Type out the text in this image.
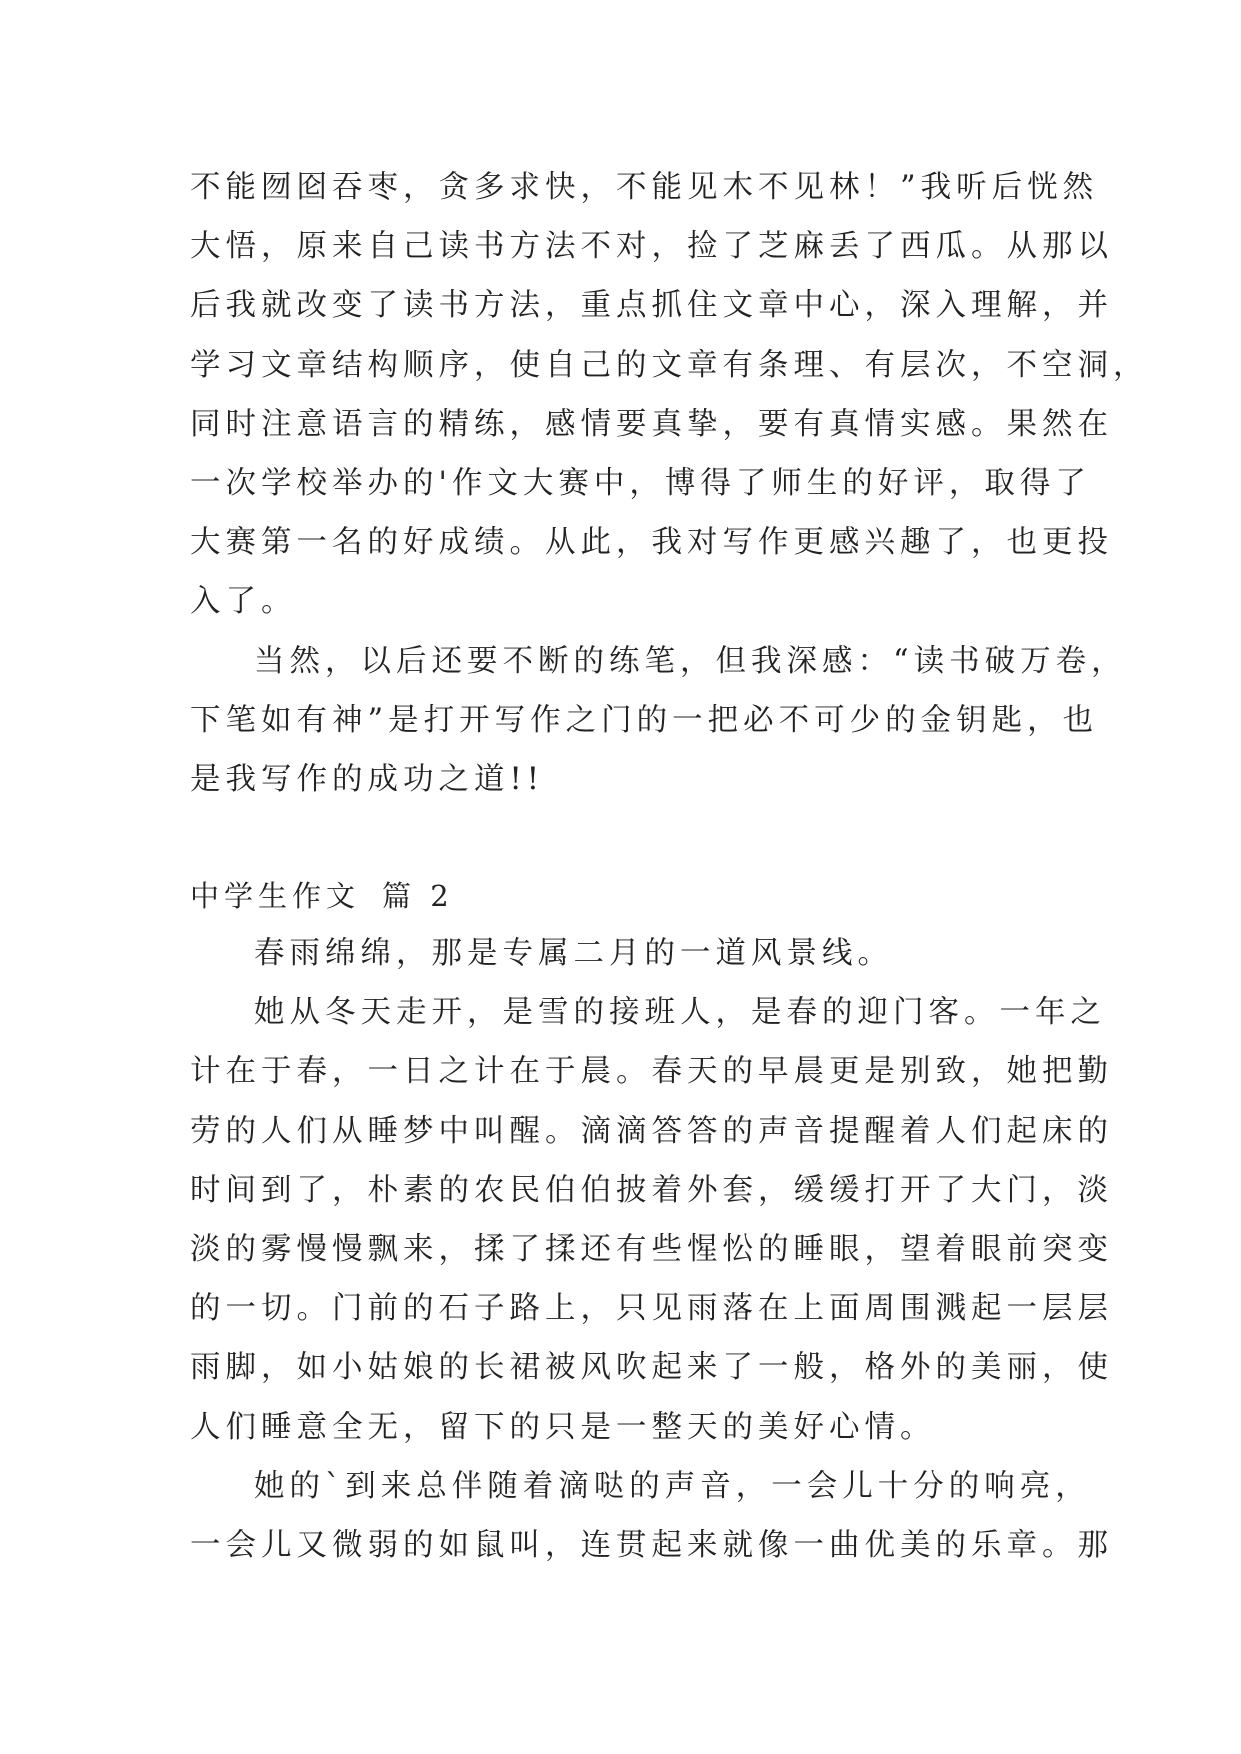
不能囫囵吞枣，贪多求快，不能见木不见林！”我听后恍然
大悟，原来自己读书方法不对，捡了芝麻丢了西瓜。从那以
后我就改变了读书方法，重点抓住文章中心，深入理解，并
学习文章结构顺序，使自己的文章有条理、有层次，不空洞，
同时注意语言的精练，感情要真挚，要有真情实感。果然在
一次学校举办的'作文大赛中，博得了师生的好评，取得了
大赛第一名的好成绩。从此，我对写作更感兴趣了，也更投
入了。
当然，以后还要不断的练笔，但我深感：“读书破万卷，
下笔如有神”是打开写作之门的一把必不可少的金钥匙，也
是我写作的成功之道!!
中学生作文 篇 2
春雨绵绵，那是专属二月的一道风景线。
她从冬天走开，是雪的接班人，是春的迎门客。一年之
计在于春，一日之计在于晨。春天的早晨更是别致，她把勤
劳的人们从睡梦中叫醒。滴滴答答的声音提醒着人们起床的
时间到了，朴素的农民伯伯披着外套，缓缓打开了大门，淡
淡的雾慢慢飘来，揉了揉还有些惺忪的睡眼，望着眼前突变
的一切。门前的石子路上，只见雨落在上面周围溅起一层层
雨脚，如小姑娘的长裙被风吹起来了一般，格外的美丽，使
人们睡意全无，留下的只是一整天的美好心情。
她的`到来总伴随着滴哒的声音，一会儿十分的响亮，
一会儿又微弱的如鼠叫，连贯起来就像一曲优美的乐章。那
